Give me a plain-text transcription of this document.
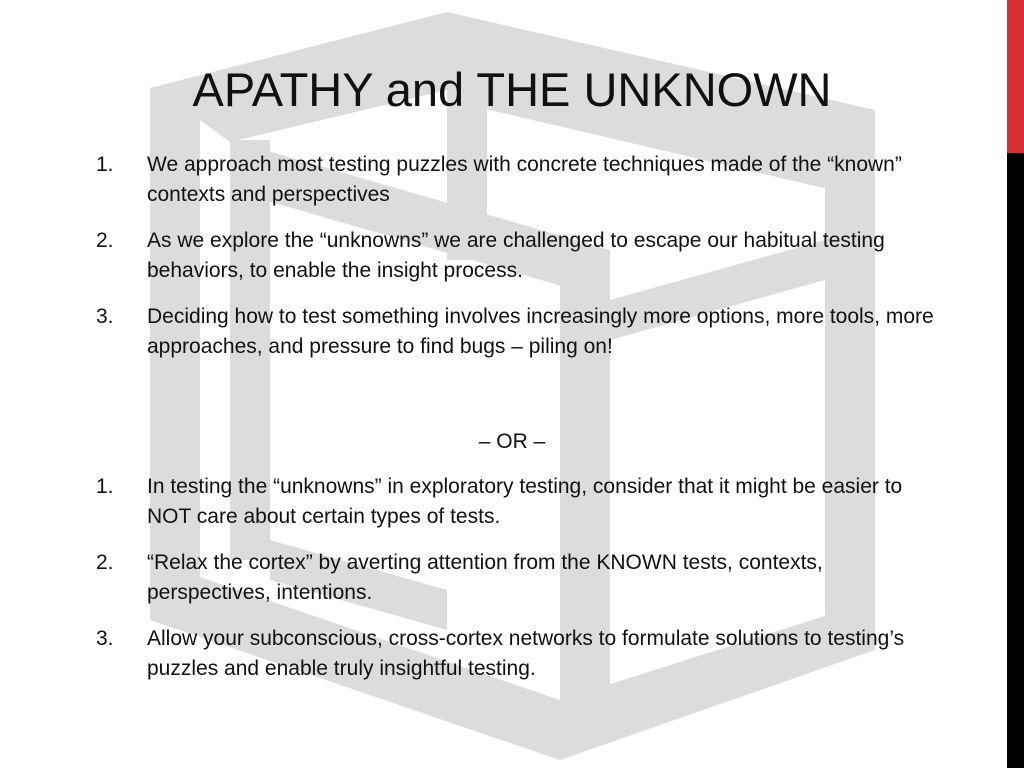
APATHY and THE UNKNOWN
1.	We approach most testing puzzles with concrete techniques made of the “known” contexts and perspectives
2.	As we explore the “unknowns” we are challenged to escape our habitual testing behaviors, to enable the insight process.
3.	Deciding how to test something involves increasingly more options, more tools, more approaches, and pressure to find bugs – piling on!
– OR –
1.	In testing the “unknowns” in exploratory testing, consider that it might be easier to NOT care about certain types of tests.
2.	“Relax the cortex” by averting attention from the KNOWN tests, contexts, perspectives, intentions.
3.	Allow your subconscious, cross-cortex networks to formulate solutions to testing’s puzzles and enable truly insightful testing.
